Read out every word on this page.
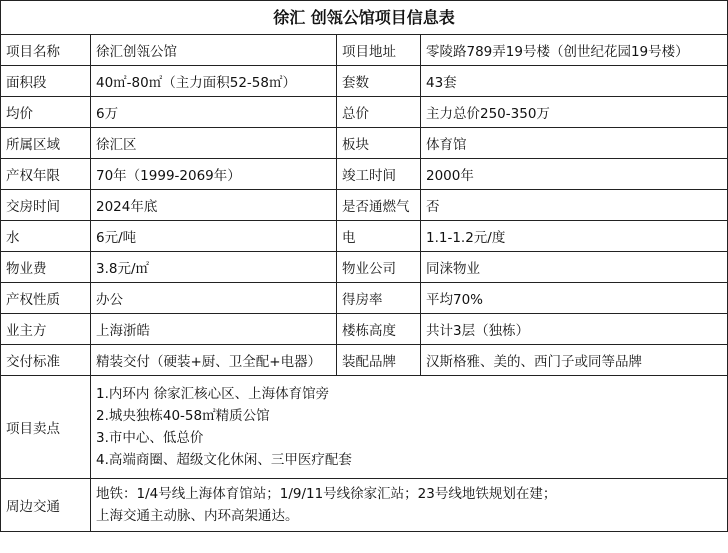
徐汇 创瓴公馆项目信息表
项目名称	徐汇创瓴公馆	项目地址	零陵路789弄19号楼（创世纪花园19号楼）
面积段	40㎡-80㎡（主力面积52-58㎡）	套数	43套
均价	6万	总价	主力总价250-350万
所属区域	徐汇区	板块	体育馆
产权年限	70年（1999-2069年）	竣工时间	2000年
交房时间	2024年底	是否通燃气	否
水	6元/吨	电	1.1-1.2元/度
物业费	3.8元/㎡	物业公司	同涞物业
产权性质	办公	得房率	平均70%
业主方	上海浙皓	楼栋高度	共计3层（独栋）
交付标准	精装交付（硬装+厨、卫全配+电器）	装配品牌	汉斯格雅、美的、西门子或同等品牌
项目卖点	1.内环内 徐家汇核心区、上海体育馆旁
2.城央独栋40-58㎡精质公馆
3.市中心、低总价
4.高端商圈、超级文化休闲、三甲医疗配套		

周边交通	地铁：1/4号线上海体育馆站；1/9/11号线徐家汇站；23号线地铁规划在建；
上海交通主动脉、内环高架通达。		
